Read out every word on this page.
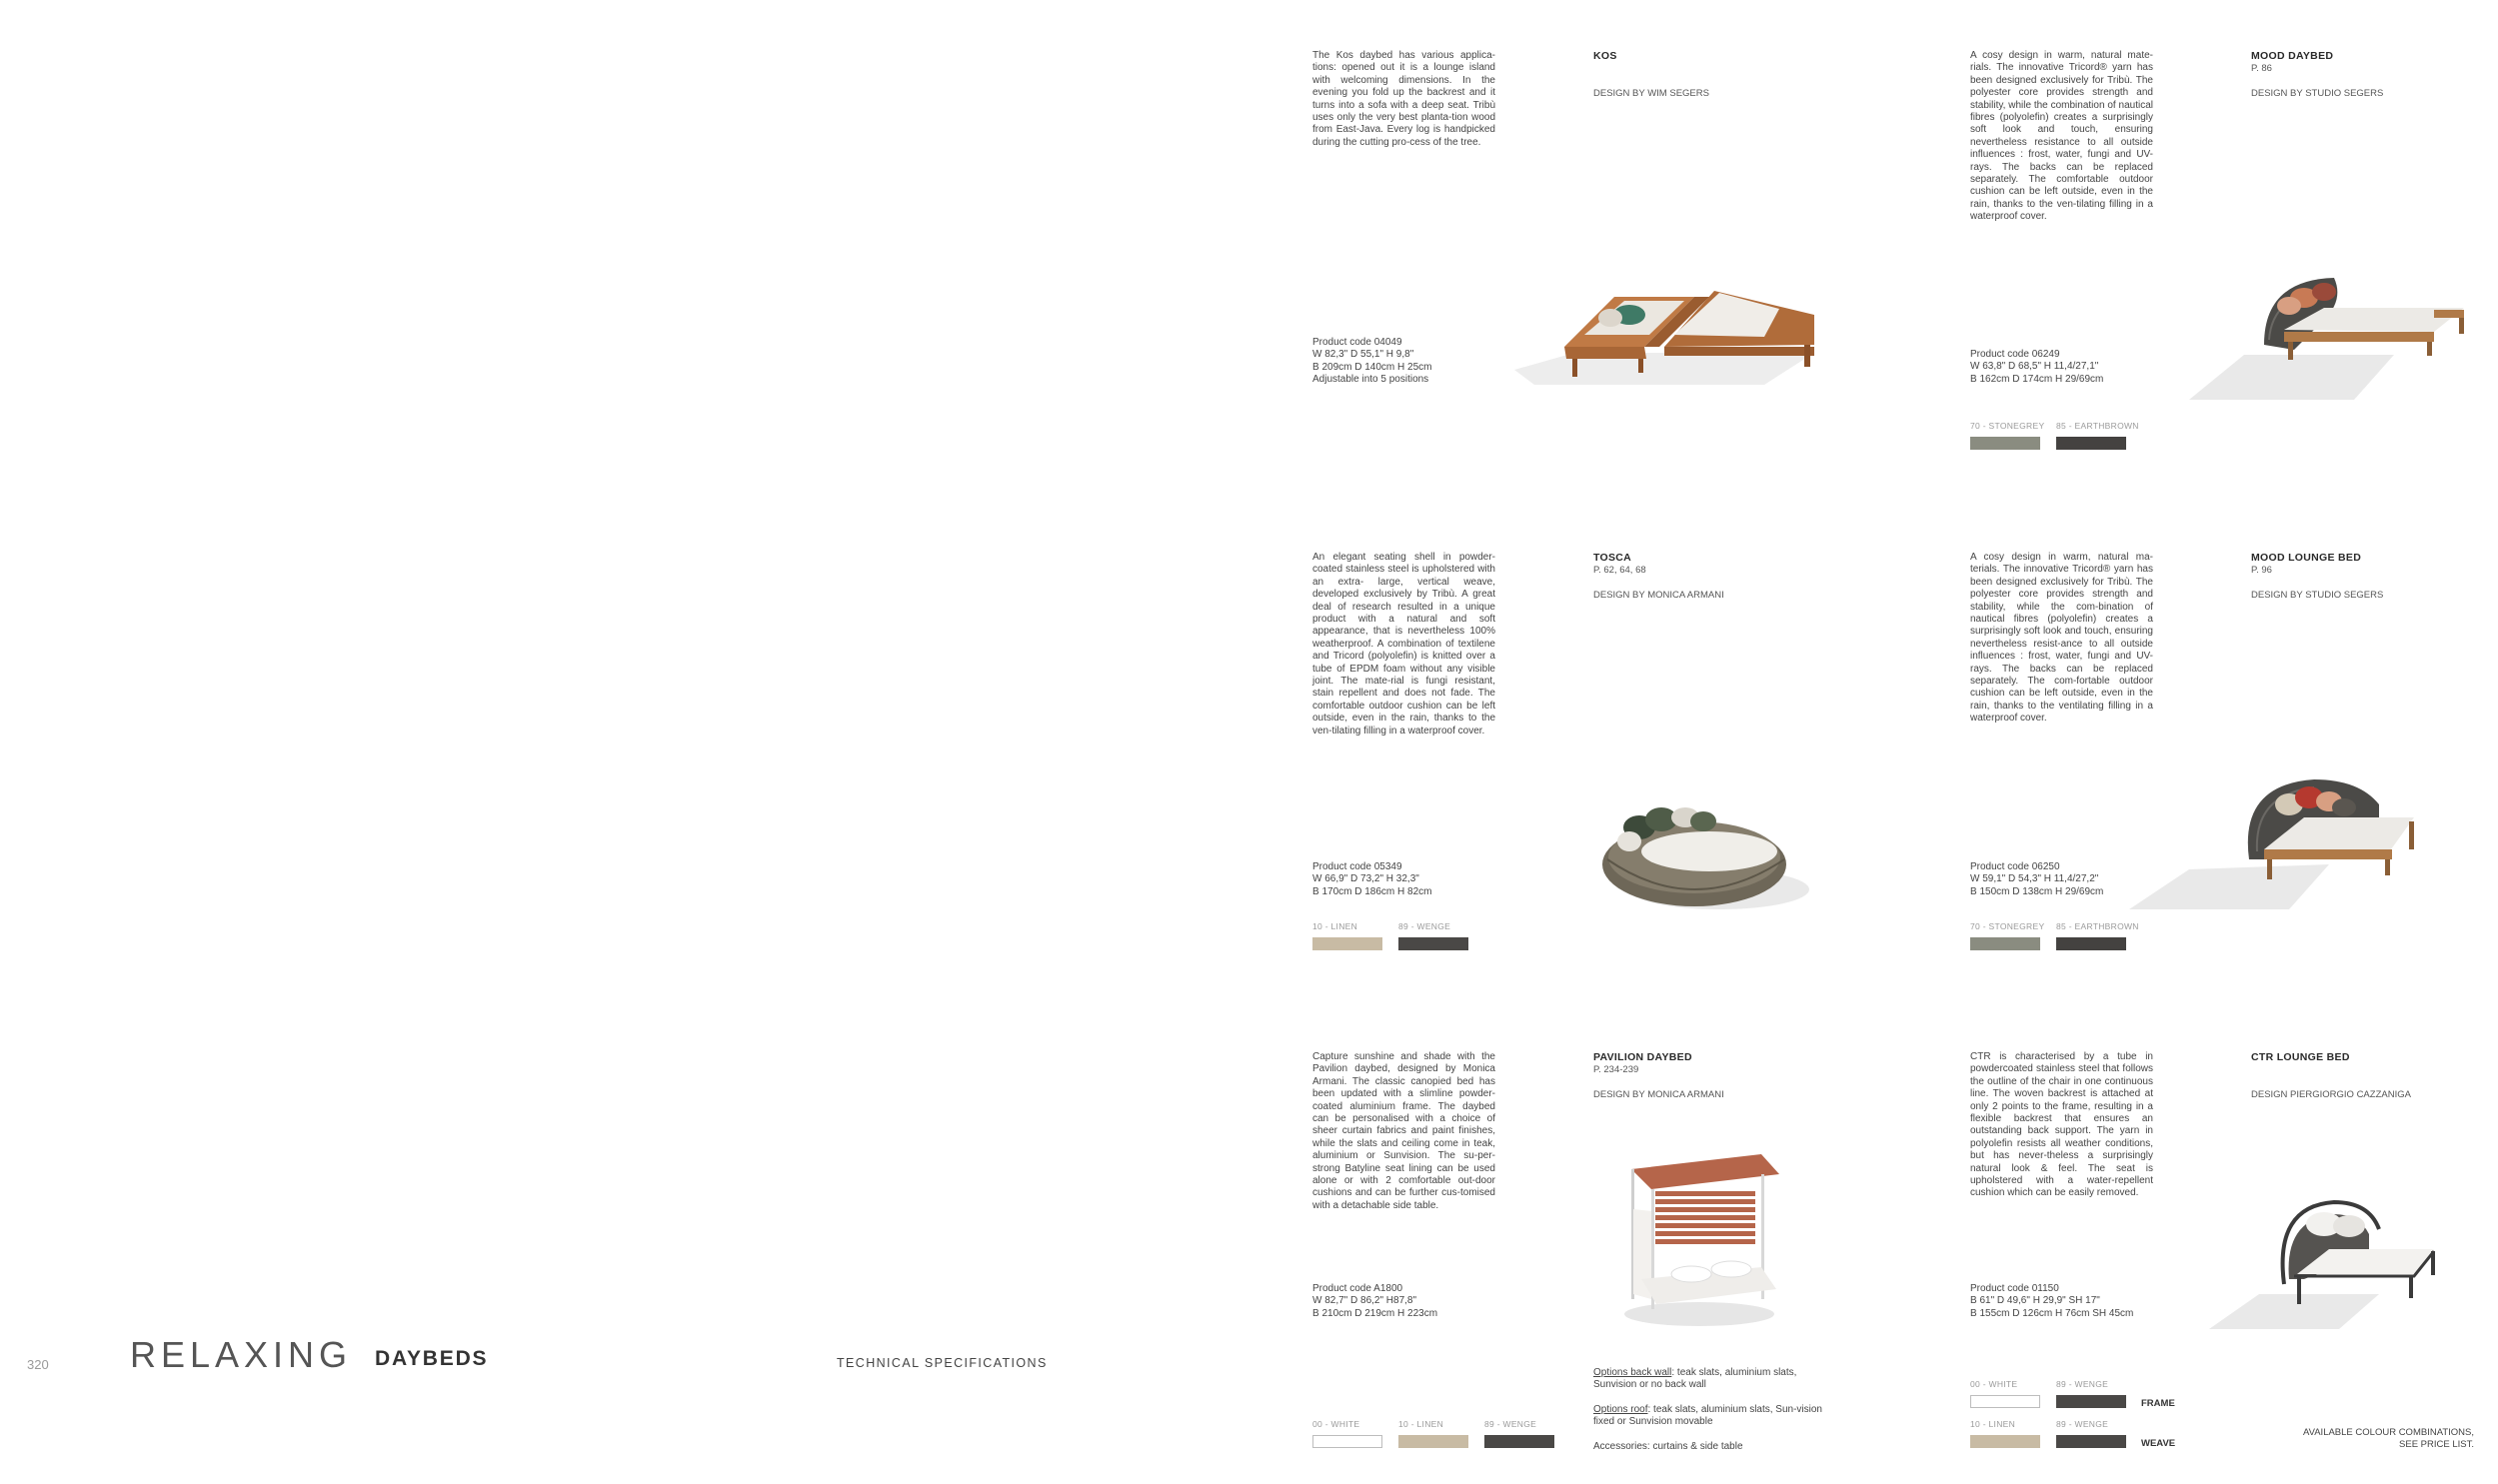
The Kos daybed has various applica-tions: opened out it is a lounge island with welcoming dimensions. In the evening you fold up the backrest and it turns into a sofa with a deep seat. Tribù uses only the very best planta-tion wood from East-Java. Every log is handpicked during the cutting pro-cess of the tree.
KOS
DESIGN BY WIM SEGERS
Product code 04049
W 82,3" D 55,1" H 9,8"
B 209cm D 140cm H 25cm
Adjustable into 5 positions
A cosy design in warm, natural mate-rials. The innovative Tricord® yarn has been designed exclusively for Tribù. The polyester core provides strength and stability, while the combination of nautical fibres (polyolefin) creates a surprisingly soft look and touch, ensuring nevertheless resistance to all outside influences : frost, water, fungi and UV-rays. The backs can be replaced separately. The comfortable outdoor cushion can be left outside, even in the rain, thanks to the ven-tilating filling in a waterproof cover.
MOOD DAYBED
P. 86
DESIGN BY STUDIO SEGERS
Product code 06249
W 63,8" D 68,5" H 11,4/27,1"
B 162cm D 174cm H 29/69cm
70 - STONEGREY 85 - EARTHBROWN
An elegant seating shell in powder-coated stainless steel is upholstered with an extra- large, vertical weave, developed exclusively by Tribù. A great deal of research resulted in a unique product with a natural and soft appearance, that is nevertheless 100% weatherproof. A combination of textilene and Tricord (polyolefin) is knitted over a tube of EPDM foam without any visible joint. The mate-rial is fungi resistant, stain repellent and does not fade. The comfortable outdoor cushion can be left outside, even in the rain, thanks to the ven-tilating filling in a waterproof cover.
TOSCA
P. 62, 64, 68
DESIGN BY MONICA ARMANI
Product code 05349
W 66,9" D 73,2" H 32,3"
B 170cm D 186cm H 82cm
10 - LINEN	89 - WENGE
A cosy design in warm, natural ma-terials. The innovative Tricord® yarn has been designed exclusively for Tribù. The polyester core provides strength and stability, while the com-bination of nautical fibres (polyolefin) creates a surprisingly soft look and touch, ensuring nevertheless resist-ance to all outside influences : frost, water, fungi and UV-rays. The backs can be replaced separately. The com-fortable outdoor cushion can be left outside, even in the rain, thanks to the ventilating filling in a waterproof cover.
MOOD LOUNGE BED
P. 96
DESIGN BY STUDIO SEGERS
Product code 06250
W 59,1" D 54,3" H 11,4/27,2"
B 150cm D 138cm H 29/69cm
70 - STONEGREY 85 - EARTHBROWN
Capture sunshine and shade with the Pavilion daybed, designed by Monica Armani. The classic canopied bed has been updated with a slimline powder-coated aluminium frame. The daybed can be personalised with a choice of sheer curtain fabrics and paint finishes, while the slats and ceiling come in teak, aluminium or Sunvision. The su-per-strong Batyline seat lining can be used alone or with 2 comfortable out-door cushions and can be further cus-tomised with a detachable side table.
PAVILION DAYBED
P. 234-239
DESIGN BY MONICA ARMANI
Product code A1800
W 82,7" D 86,2" H87,8"
B 210cm D 219cm H 223cm
Options back wall: teak slats, aluminium slats, Sunvision or no back wall
Options roof: teak slats, aluminium slats, Sun-vision fixed or Sunvision movable
Accessories: curtains & side table
00 - WHITE	10 - LINEN	89 - WENGE
CTR is characterised by a tube in powdercoated stainless steel that follows the outline of the chair in one continuous line. The woven backrest is attached at only 2 points to the frame, resulting in a flexible backrest that ensures an outstanding back support. The yarn in polyolefin resists all weather conditions, but has never-theless a surprisingly natural look & feel. The seat is upholstered with a water-repellent cushion which can be easily removed.
CTR LOUNGE BED
DESIGN PIERGIORGIO CAZZANIGA
Product code 01150
B 61" D 49,6" H 29,9" SH 17"
B 155cm D 126cm H 76cm SH 45cm
00 - WHITE	89 - WENGE
FRAME
10 - LINEN	89 - WENGE
WEAVE
320 RELAXING DAYBEDS	TECHNICAL SPECIFICATIONS
AVAILABLE COLOUR COMBINATIONS,
SEE PRICE LIST.
